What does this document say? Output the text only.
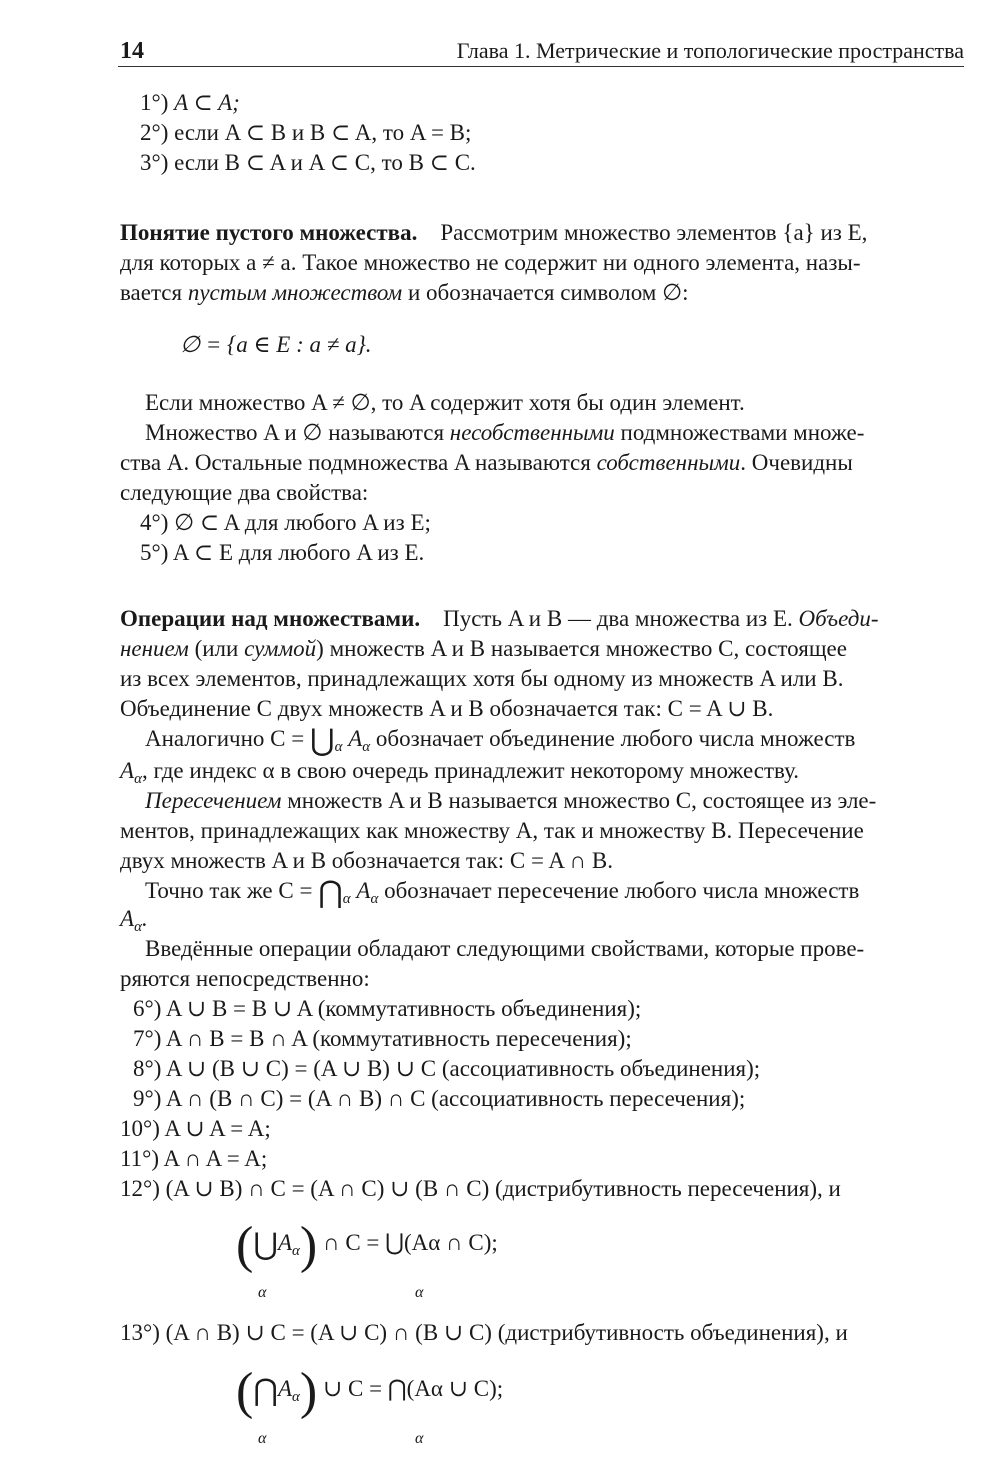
14	Глава 1. Метрические и топологические пространства
1°) A ⊂ A;
2°) если A ⊂ B и B ⊂ A, то A = B;
3°) если B ⊂ A и A ⊂ C, то B ⊂ C.
Понятие пустого множества. Рассмотрим множество элементов {a} из E,
для которых a ≠ a. Такое множество не содержит ни одного элемента, назы-
вается пустым множеством и обозначается символом ∅:
∅ = {a ∈ E : a ≠ a}.
Если множество A ≠ ∅, то A содержит хотя бы один элемент.
Множество A и ∅ называются несобственными подмножествами множе-
ства A. Остальные подмножества A называются собственными. Очевидны
следующие два свойства:
4°) ∅ ⊂ A для любого A из E;
5°) A ⊂ E для любого A из E.
Операции над множествами. Пусть A и B — два множества из E. Объеди-
нением (или суммой) множеств A и B называется множество C, состоящее
из всех элементов, принадлежащих хотя бы одному из множеств A или B.
Объединение C двух множеств A и B обозначается так: C = A ∪ B.
Аналогично $C = ⋃_\alpha$ $A_\alpha$ обозначает объединение любого числа множеств
$A_\alpha$, где индекс α в свою очередь принадлежит некоторому множеству.
Пересечением множеств A и B называется множество C, состоящее из эле-
ментов, принадлежащих как множеству A, так и множеству B. Пересечение
двух множеств A и B обозначается так: C = A ∩ B.
Точно так же $C = ⋂_\alpha$ $A_\alpha$ обозначает пересечение любого числа множеств
$A_\alpha$.
Введённые операции обладают следующими свойствами, которые прове-
ряются непосредственно:
6°) A ∪ B = B ∪ A (коммутативность объединения);
7°) A ∩ B = B ∩ A (коммутативность пересечения);
8°) A ∪ (B ∪ C) = (A ∪ B) ∪ C (ассоциативность объединения);
9°) A ∩ (B ∩ C) = (A ∩ B) ∩ C (ассоциативность пересечения);
10°) A ∪ A = A;
11°) A ∩ A = A;
12°) (A ∪ B) ∩ C = (A ∩ C) ∪ (B ∩ C) (дистрибутивность пересечения), и
$(⋃A_\alpha)$ ∩ C = ⋃(Aα ∩ C);
α	α
13°) (A ∩ B) ∪ C = (A ∪ C) ∩ (B ∪ C) (дистрибутивность объединения), и
$(⋂A_\alpha)$ ∪ C = ⋂(Aα ∪ C);
α	α
